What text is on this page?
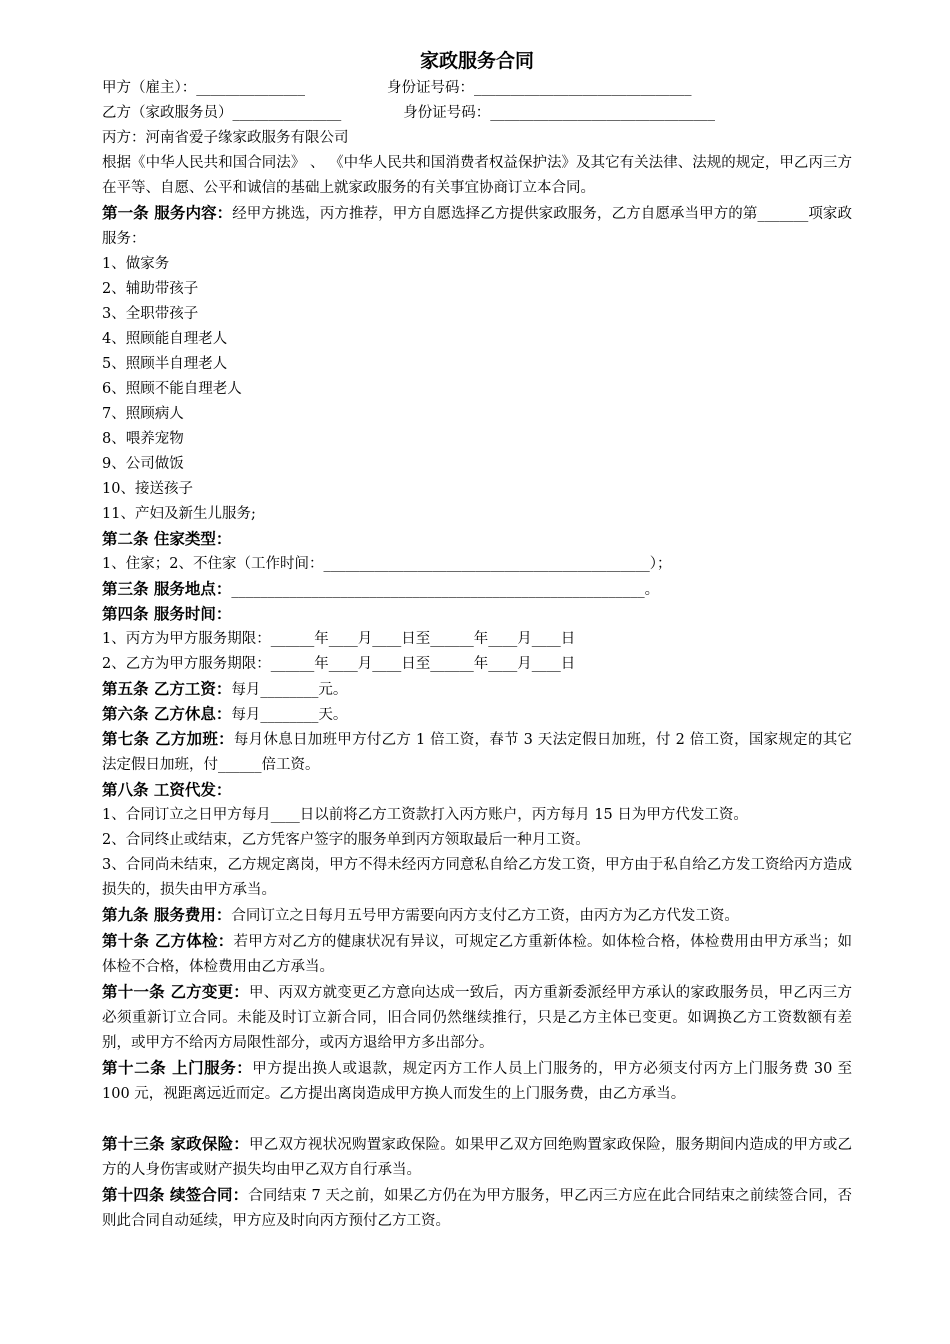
家政服务合同
甲方（雇主）：_______________	身份证号码：______________________________
乙方（家政服务员）_______________	身份证号码：_______________________________
丙方：河南省爱子缘家政服务有限公司
根据《中华人民共和国合同法》 、 《中华人民共和国消费者权益保护法》及其它有关法律、法规的规定，甲乙丙三方在平等、自愿、公平和诚信的基础上就家政服务的有关事宜协商订立本合同。
第一条 服务内容：经甲方挑选，丙方推荐，甲方自愿选择乙方提供家政服务，乙方自愿承当甲方的第_______项家政服务：
1、做家务
2、辅助带孩子
3、全职带孩子
4、照顾能自理老人
5、照顾半自理老人
6、照顾不能自理老人
7、照顾病人
8、喂养宠物
9、公司做饭
10、接送孩子
11、产妇及新生儿服务;
第二条 住家类型：
1、住家；2、不住家（工作时间：_____________________________________________）；
第三条 服务地点：_________________________________________________________。
第四条 服务时间：
1、丙方为甲方服务期限：______年____月____日至______年____月____日
2、乙方为甲方服务期限：______年____月____日至______年____月____日
第五条 乙方工资：每月________元。
第六条 乙方休息：每月________天。
第七条 乙方加班：每月休息日加班甲方付乙方 1 倍工资，春节 3 天法定假日加班，付 2 倍工资，国家规定的其它法定假日加班，付______倍工资。
第八条 工资代发：
1、合同订立之日甲方每月____日以前将乙方工资款打入丙方账户，丙方每月 15 日为甲方代发工资。
2、合同终止或结束，乙方凭客户签字的服务单到丙方领取最后一种月工资。
3、合同尚未结束，乙方规定离岗，甲方不得未经丙方同意私自给乙方发工资，甲方由于私自给乙方发工资给丙方造成损失的，损失由甲方承当。
第九条 服务费用：合同订立之日每月五号甲方需要向丙方支付乙方工资，由丙方为乙方代发工资。
第十条 乙方体检：若甲方对乙方的健康状况有异议，可规定乙方重新体检。如体检合格，体检费用由甲方承当；如体检不合格，体检费用由乙方承当。
第十一条 乙方变更：甲、丙双方就变更乙方意向达成一致后，丙方重新委派经甲方承认的家政服务员，甲乙丙三方必须重新订立合同。未能及时订立新合同，旧合同仍然继续推行，只是乙方主体已变更。如调换乙方工资数额有差别，或甲方不给丙方局限性部分，或丙方退给甲方多出部分。
第十二条 上门服务：甲方提出换人或退款，规定丙方工作人员上门服务的，甲方必须支付丙方上门服务费 30 至 100 元，视距离远近而定。乙方提出离岗造成甲方换人而发生的上门服务费，由乙方承当。
第十三条 家政保险：甲乙双方视状况购置家政保险。如果甲乙双方回绝购置家政保险，服务期间内造成的甲方或乙方的人身伤害或财产损失均由甲乙双方自行承当。
第十四条 续签合同：合同结束 7 天之前，如果乙方仍在为甲方服务，甲乙丙三方应在此合同结束之前续签合同，否则此合同自动延续，甲方应及时向丙方预付乙方工资。
